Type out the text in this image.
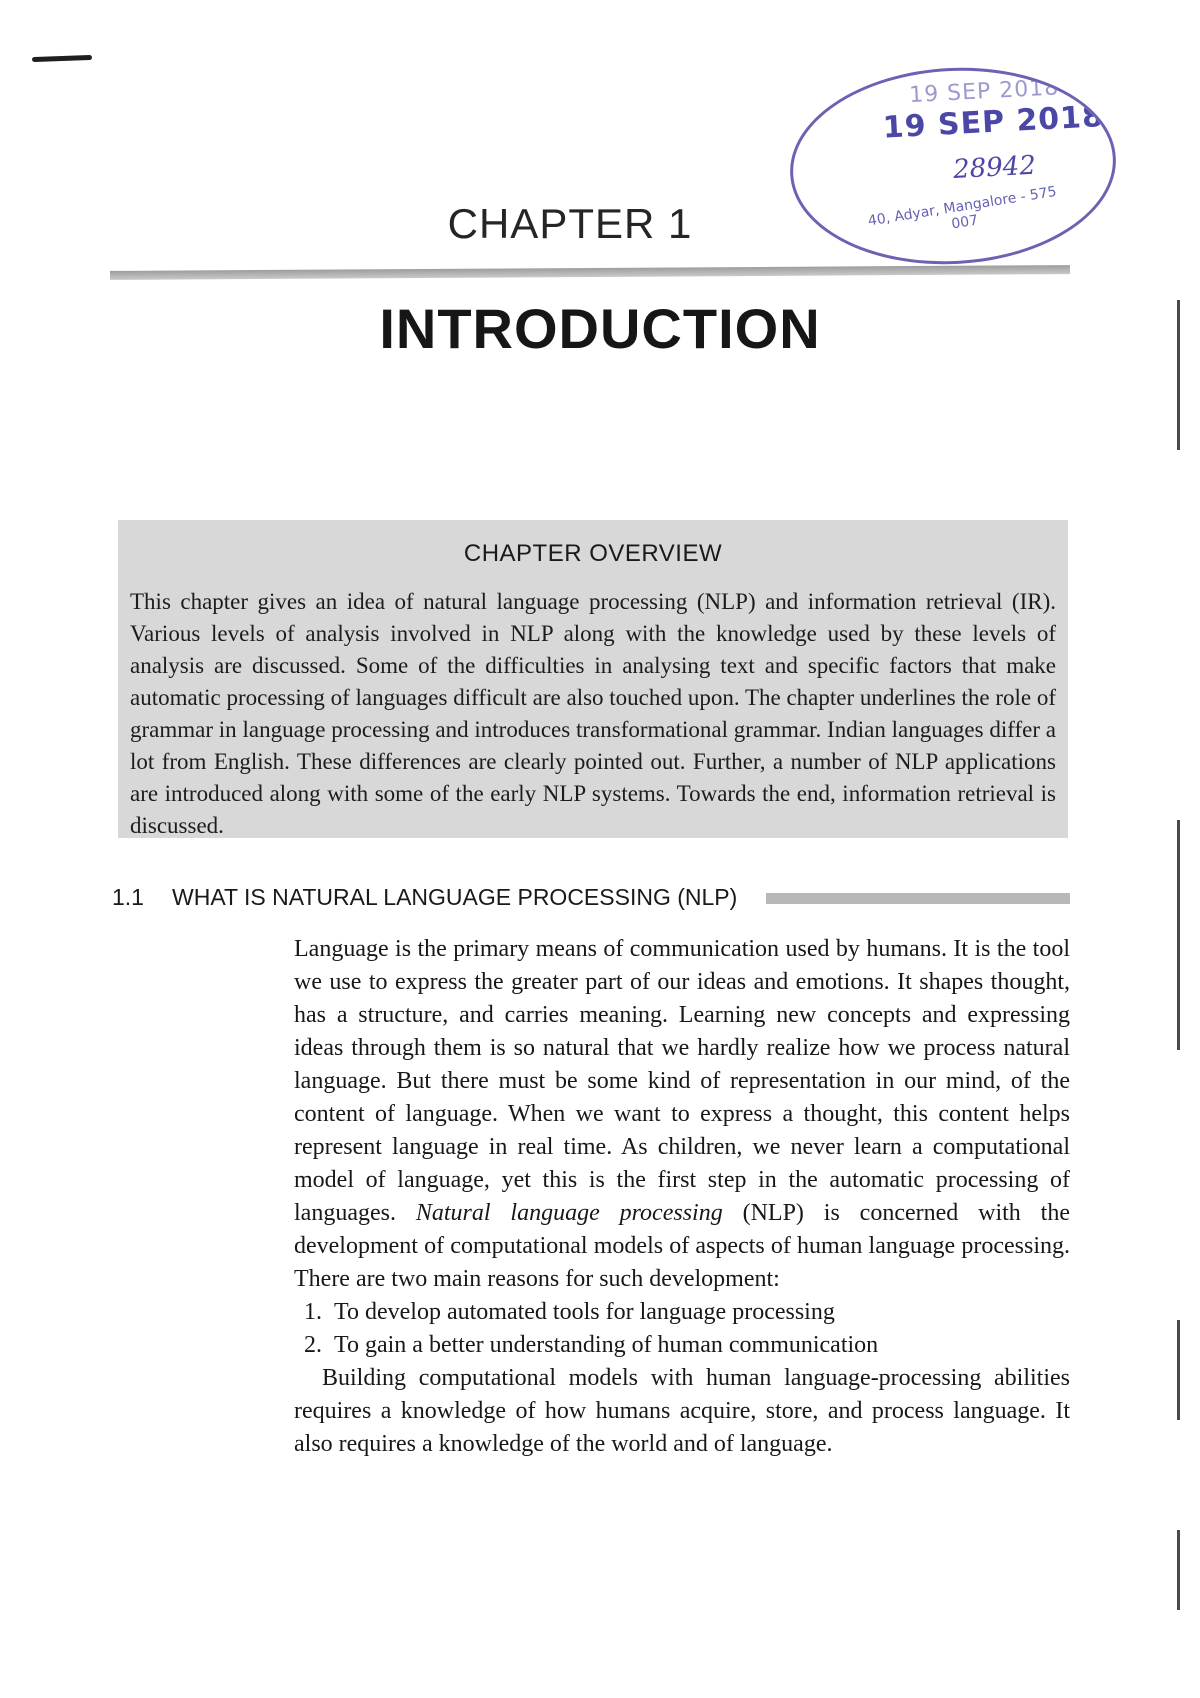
19 SEP 2018
19 SEP 2018
28942
40, Adyar, Mangalore - 575 007
CHAPTER 1
INTRODUCTION
CHAPTER OVERVIEW

This chapter gives an idea of natural language processing (NLP) and information retrieval (IR). Various levels of analysis involved in NLP along with the knowledge used by these levels of analysis are discussed. Some of the difficulties in analysing text and specific factors that make automatic processing of languages difficult are also touched upon. The chapter underlines the role of grammar in language processing and introduces transformational grammar. Indian languages differ a lot from English. These differences are clearly pointed out. Further, a number of NLP applications are introduced along with some of the early NLP systems. Towards the end, information retrieval is discussed.

1.1 WHAT IS NATURAL LANGUAGE PROCESSING (NLP)

Language is the primary means of communication used by humans. It is the tool we use to express the greater part of our ideas and emotions. It shapes thought, has a structure, and carries meaning. Learning new concepts and expressing ideas through them is so natural that we hardly realize how we process natural language. But there must be some kind of representation in our mind, of the content of language. When we want to express a thought, this content helps represent language in real time. As children, we never learn a computational model of language, yet this is the first step in the automatic processing of languages. Natural language processing (NLP) is concerned with the development of computational models of aspects of human language processing. There are two main reasons for such development:

1. To develop automated tools for language processing
2. To gain a better understanding of human communication

Building computational models with human language-processing abilities requires a knowledge of how humans acquire, store, and process language. It also requires a knowledge of the world and of language.
